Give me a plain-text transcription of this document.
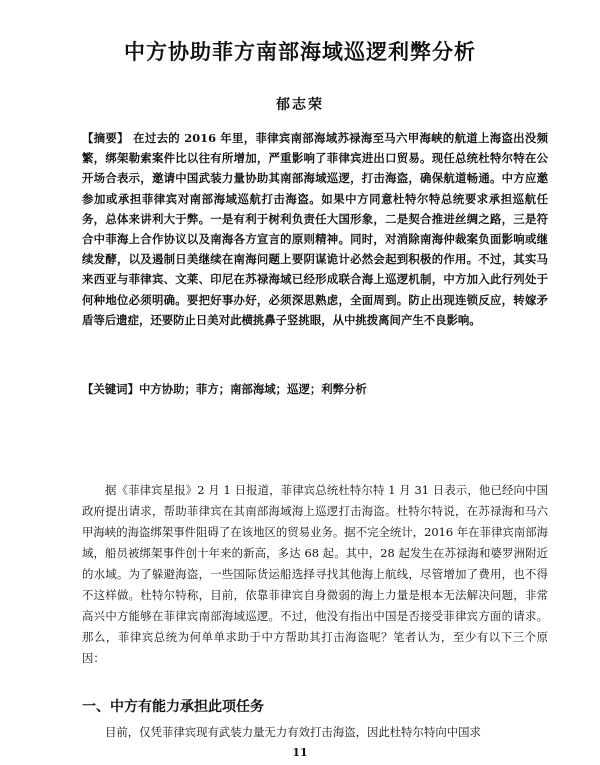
中方协助菲方南部海域巡逻利弊分析
郁志荣
【摘要】 在过去的 2016 年里，菲律宾南部海域苏禄海至马六甲海峡的航道上海盗出没频繁，绑架勒索案件比以往有所增加，严重影响了菲律宾进出口贸易。现任总统杜特尔特在公开场合表示，邀请中国武装力量协助其南部海域巡逻，打击海盗，确保航道畅通。中方应邀参加或承担菲律宾对南部海域巡航打击海盗。如果中方同意杜特尔特总统要求承担巡航任务，总体来讲利大于弊。一是有利于树利负责任大国形象，二是契合推进丝绸之路，三是符合中菲海上合作协议以及南海各方宣言的原则精神。同时，对消除南海仲裁案负面影响或继续发酵，以及遏制日美继续在南海问题上要阴谋诡计必然会起到积极的作用。不过，其实马来西亚与菲律宾、文莱、印尼在苏禄海域已经形成联合海上巡逻机制，中方加入此行列处于何种地位必须明确。要把好事办好，必须深思熟虑，全面周到。防止出现连锁反应，转嫁矛盾等后遗症，还要防止日美对此横挑鼻子竖挑眼，从中挑拨离间产生不良影响。
【关键词】中方协助；菲方；南部海域；巡逻；利弊分析
据《菲律宾星报》2 月 1 日报道，菲律宾总统杜特尔特 1 月 31 日表示，他已经向中国政府提出请求，帮助菲律宾在其南部海域海上巡逻打击海盗。杜特尔特说，在苏禄海和马六甲海峡的海盗绑架事件阻碍了在该地区的贸易业务。据不完全统计，2016 年在菲律宾南部海域，船员被绑架事件创十年来的新高，多达 68 起。其中，28 起发生在苏禄海和婆罗洲附近的水域。为了躲避海盗，一些国际货运船选择寻找其他海上航线，尽管增加了费用，也不得不这样做。杜特尔特称，目前，依靠菲律宾自身微弱的海上力量是根本无法解决问题，非常高兴中方能够在菲律宾南部海域巡逻。不过，他没有指出中国是否接受菲律宾方面的请求。那么，菲律宾总统为何单单求助于中方帮助其打击海盗呢？笔者认为，至少有以下三个原因：
一、中方有能力承担此项任务
目前，仅凭菲律宾现有武装力量无力有效打击海盗，因此杜特尔特向中国求
11
